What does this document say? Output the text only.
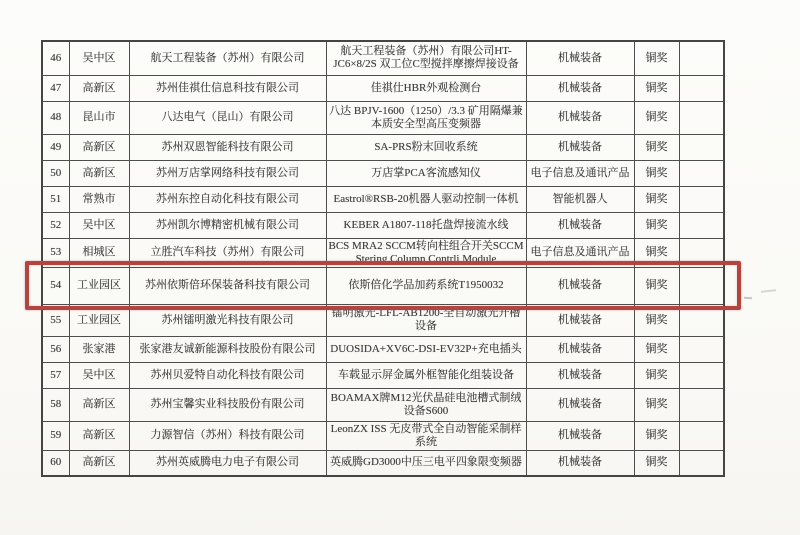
46	吴中区	航天工程装备（苏州）有限公司	航天工程装备（苏州）有限公司HT-JC6×8/2S 双工位C型搅拌摩擦焊接设备	机械装备	铜奖	
47	高新区	苏州佳祺仕信息科技有限公司	佳祺仕HBR外观检测台	机械装备	铜奖	
48	昆山市	八达电气（昆山）有限公司	八达 BPJV-1600（1250）/3.3 矿用隔爆兼本质安全型高压变频器	机械装备	铜奖	
49	高新区	苏州双恩智能科技有限公司	SA-PRS粉末回收系统	机械装备	铜奖	
50	高新区	苏州万店掌网络科技有限公司	万店掌PCA客流感知仪	电子信息及通讯产品	铜奖	
51	常熟市	苏州东控自动化科技有限公司	Eastrol®RSB-20机器人驱动控制一体机	智能机器人	铜奖	
52	吴中区	苏州凯尔博精密机械有限公司	KEBER A1807-118托盘焊接流水线	机械装备	铜奖	
53	相城区	立胜汽车科技（苏州）有限公司	BCS MRA2 SCCM转向柱组合开关SCCM Stering Column Contrli Module	电子信息及通讯产品	铜奖	
54	工业园区	苏州依斯倍环保装备科技有限公司	依斯倍化学品加药系统T1950032	机械装备	铜奖	
55	工业园区	苏州镭明激光科技有限公司	镭明激光-LFL-AB1200-全自动激光开槽设备	机械装备	铜奖	
56	张家港	张家港友诚新能源科技股份有限公司	DUOSIDA+XV6C-DSI-EV32P+充电插头	机械装备	铜奖	
57	吴中区	苏州贝爱特自动化科技有限公司	车载显示屏金属外框智能化组装设备	机械装备	铜奖	
58	高新区	苏州宝馨实业科技股份有限公司	BOAMAX牌M12光伏晶硅电池槽式制绒设备S600	机械装备	铜奖	
59	高新区	力源智信（苏州）科技有限公司	LeonZX ISS 无皮带式全自动智能采制样系统	机械装备	铜奖	
60	高新区	苏州英威腾电力电子有限公司	英威腾GD3000中压三电平四象限变频器	机械装备	铜奖	
